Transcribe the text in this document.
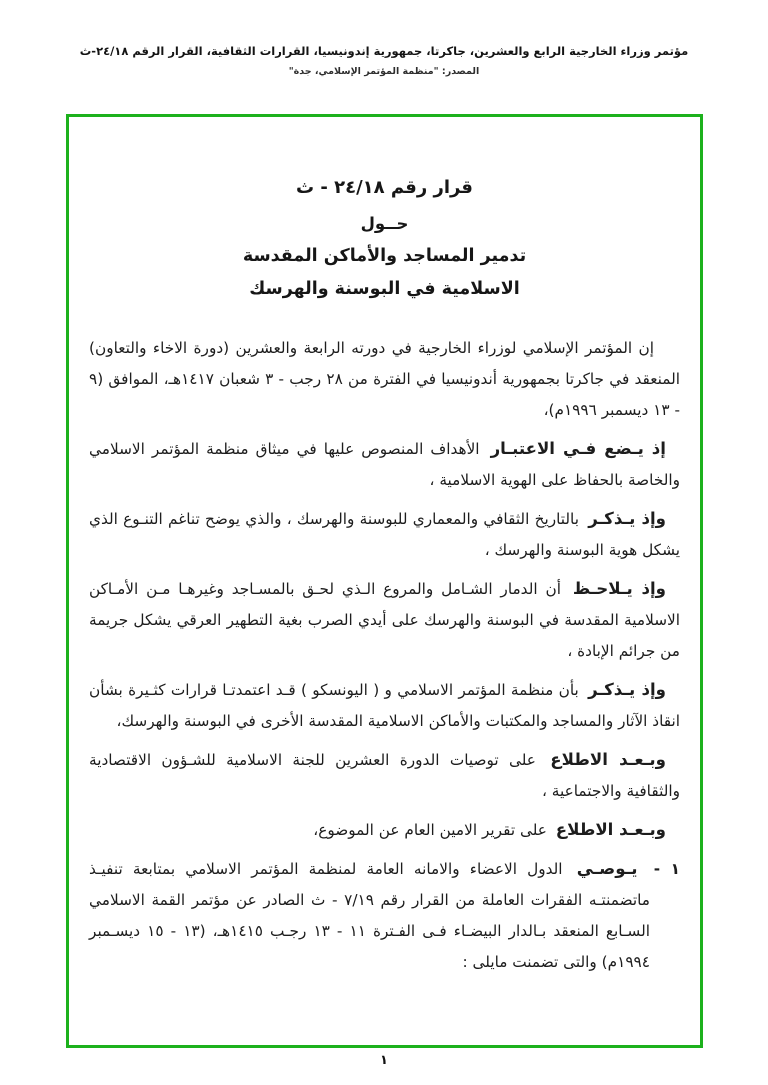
مؤتمر وزراء الخارجية الرابع والعشرين، جاكرتا، جمهورية إندونيسيا، القرارات الثقافية، القرار الرقم ٢٤/١٨-ث
المصدر: "منظمة المؤتمر الإسلامي، جدة"
قرار رقم ٢٤/١٨ - ث
حــول
تدمير المساجد والأماكن المقدسة
الاسلامية في البوسنة والهرسك

إن المؤتمر الإسلامي لوزراء الخارجية في دورته الرابعة والعشرين (دورة الاخاء والتعاون) المنعقد في جاكرتا بجمهورية أندونيسيا في الفترة من ٢٨ رجب - ٣ شعبان ١٤١٧هـ، الموافق (٩ - ١٣ ديسمبر ١٩٩٦م)،

إذ يـضع فـي الاعتبـار الأهداف المنصوص عليها في ميثاق منظمة المؤتمر الاسلامي والخاصة بالحفاظ على الهوية الاسلامية ،

وإذ يـذكـر بالتاريخ الثقافي والمعماري للبوسنة والهرسك ، والذي يوضح تناغم التنـوع الذي يشكل هوية البوسنة والهرسك ،

وإذ يـلاحـظ أن الدمار الشـامل والمروع الـذي لحـق بالمسـاجد وغيرهـا مـن الأمـاكن الاسلامية المقدسة في البوسنة والهرسك على أيدي الصرب بغية التطهير العرقي يشكل جريمة من جرائم الإبادة ،

وإذ يـذكـر بأن منظمة المؤتمر الاسلامي و ( اليونسكو ) قـد اعتمدتـا قرارات كثـيرة بشأن انقاذ الآثار والمساجد والمكتبات والأماكن الاسلامية المقدسة الأخرى في البوسنة والهرسك،

وبـعـد الاطلاع على توصيات الدورة العشرين للجنة الاسلامية للشـؤون الاقتصادية والثقافية والاجتماعية ،

وبـعـد الاطلاع على تقرير الامين العام عن الموضوع،

١ - يـوصـي الدول الاعضاء والامانه العامة لمنظمة المؤتمر الاسلامي بمتابعة تنفيـذ ماتضمنتـه الفقرات العاملة من القرار رقم ٧/١٩ - ث الصادر عن مؤتمر القمة الاسلامي السـابع المنعقد بـالدار البيضـاء فـى الفـترة ١١ - ١٣ رجـب ١٤١٥هـ، (١٣ - ١٥ ديسـمبر ١٩٩٤م) والتى تضمنت مايلى :
١
